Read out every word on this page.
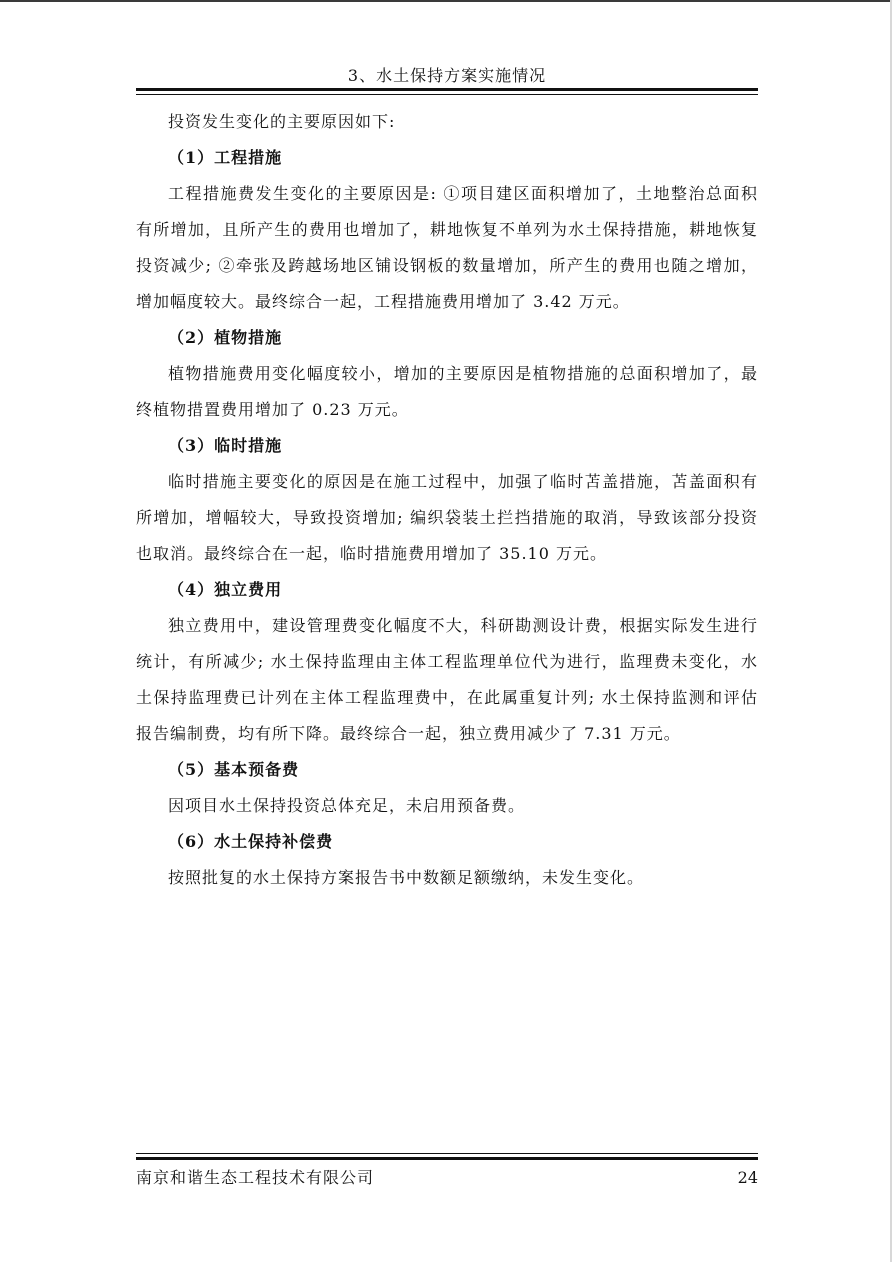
3、水土保持方案实施情况

投资发生变化的主要原因如下:

（1）工程措施

工程措施费发生变化的主要原因是: ①项目建区面积增加了，土地整治总面积有所增加，且所产生的费用也增加了，耕地恢复不单列为水土保持措施，耕地恢复投资减少; ②牵张及跨越场地区铺设钢板的数量增加，所产生的费用也随之增加，增加幅度较大。最终综合一起，工程措施费用增加了 3.42 万元。

（2）植物措施

植物措施费用变化幅度较小，增加的主要原因是植物措施的总面积增加了，最终植物措置费用增加了 0.23 万元。

（3）临时措施

临时措施主要变化的原因是在施工过程中，加强了临时苫盖措施，苫盖面积有所增加，增幅较大，导致投资增加; 编织袋装土拦挡措施的取消，导致该部分投资也取消。最终综合在一起，临时措施费用增加了 35.10 万元。

（4）独立费用

独立费用中，建设管理费变化幅度不大，科研勘测设计费，根据实际发生进行统计，有所减少; 水土保持监理由主体工程监理单位代为进行，监理费未变化，水土保持监理费已计列在主体工程监理费中，在此属重复计列; 水土保持监测和评估报告编制费，均有所下降。最终综合一起，独立费用减少了 7.31 万元。

（5）基本预备费

因项目水土保持投资总体充足，未启用预备费。

（6）水土保持补偿费

按照批复的水土保持方案报告书中数额足额缴纳，未发生变化。

南京和谐生态工程技术有限公司	24
